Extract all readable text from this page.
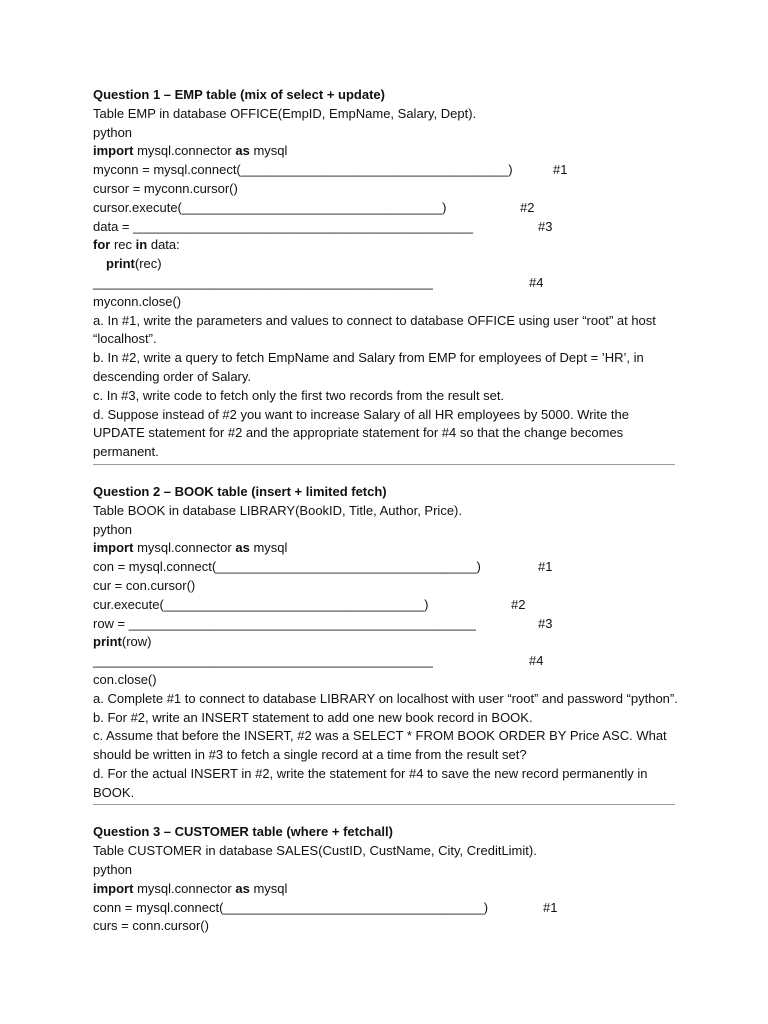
Question 1 – EMP table (mix of select + update)
Table EMP in database OFFICE(EmpID, EmpName, Salary, Dept).
python
import mysql.connector as mysql
myconn = mysql.connect(_____________________________________)	#1
cursor = myconn.cursor()
cursor.execute(____________________________________)	#2
data = _______________________________________________	#3
for rec in data:
print(rec)
_______________________________________________	#4
myconn.close()
a. In #1, write the parameters and values to connect to database OFFICE using user “root” at host “localhost”.
b. In #2, write a query to fetch EmpName and Salary from EMP for employees of Dept = ’HR’, in descending order of Salary.
c. In #3, write code to fetch only the first two records from the result set.
d. Suppose instead of #2 you want to increase Salary of all HR employees by 5000. Write the UPDATE statement for #2 and the appropriate statement for #4 so that the change becomes permanent.
Question 2 – BOOK table (insert + limited fetch)
Table BOOK in database LIBRARY(BookID, Title, Author, Price).
python
import mysql.connector as mysql
con = mysql.connect(____________________________________)	#1
cur = con.cursor()
cur.execute(____________________________________)	#2
row = ________________________________________________	#3
print(row)
_______________________________________________	#4
con.close()
a. Complete #1 to connect to database LIBRARY on localhost with user “root” and password “python”.
b. For #2, write an INSERT statement to add one new book record in BOOK.
c. Assume that before the INSERT, #2 was a SELECT * FROM BOOK ORDER BY Price ASC. What should be written in #3 to fetch a single record at a time from the result set?
d. For the actual INSERT in #2, write the statement for #4 to save the new record permanently in BOOK.
Question 3 – CUSTOMER table (where + fetchall)
Table CUSTOMER in database SALES(CustID, CustName, City, CreditLimit).
python
import mysql.connector as mysql
conn = mysql.connect(____________________________________)	#1
curs = conn.cursor()
